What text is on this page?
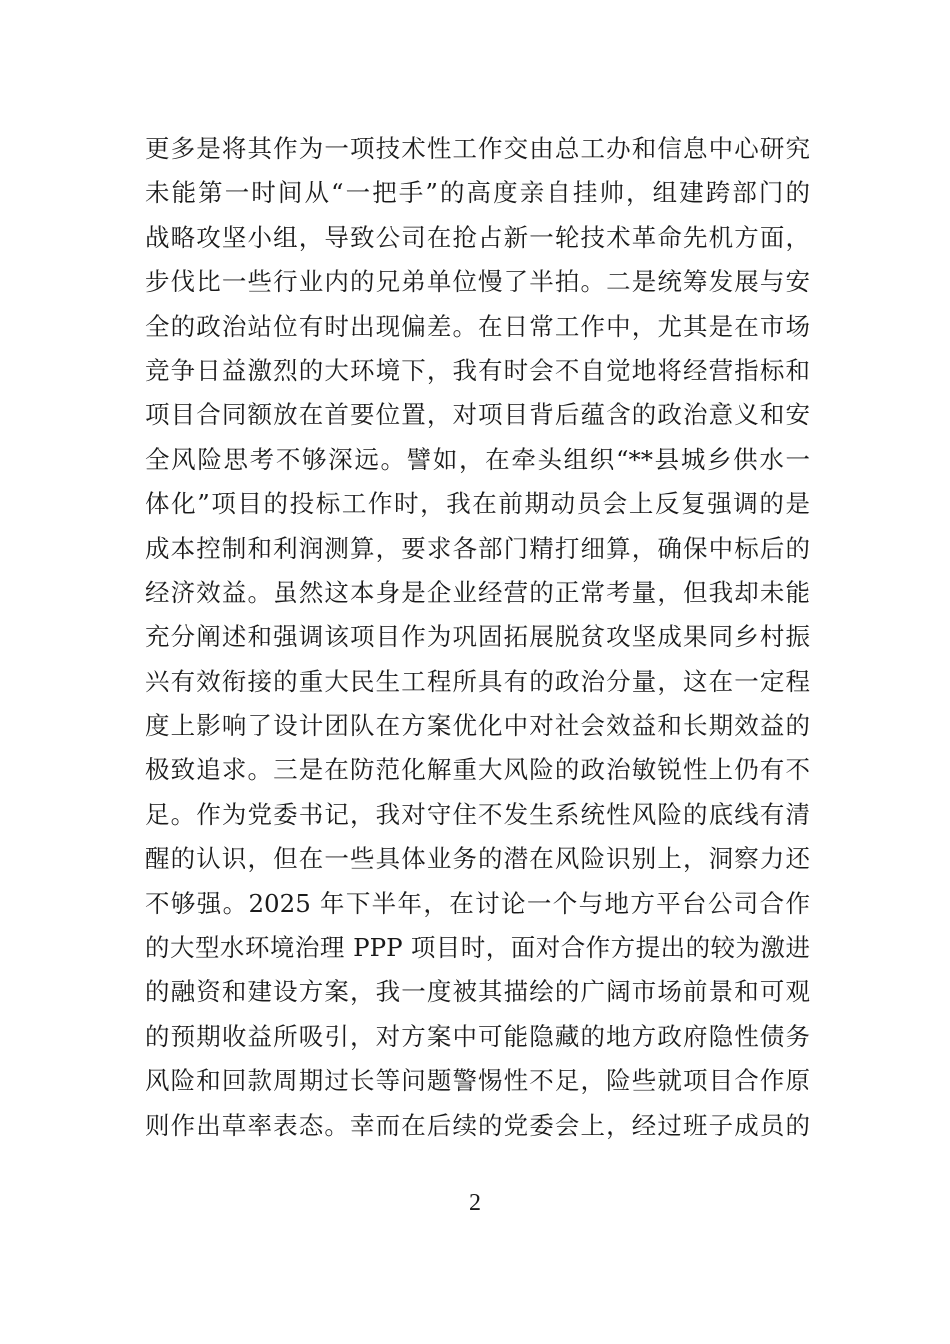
更多是将其作为一项技术性工作交由总工办和信息中心研究
未能第一时间从“一把手”的高度亲自挂帅，组建跨部门的
战略攻坚小组，导致公司在抢占新一轮技术革命先机方面，
步伐比一些行业内的兄弟单位慢了半拍。二是统筹发展与安
全的政治站位有时出现偏差。在日常工作中，尤其是在市场
竞争日益激烈的大环境下，我有时会不自觉地将经营指标和
项目合同额放在首要位置，对项目背后蕴含的政治意义和安
全风险思考不够深远。譬如，在牵头组织“**县城乡供水一
体化”项目的投标工作时，我在前期动员会上反复强调的是
成本控制和利润测算，要求各部门精打细算，确保中标后的
经济效益。虽然这本身是企业经营的正常考量，但我却未能
充分阐述和强调该项目作为巩固拓展脱贫攻坚成果同乡村振
兴有效衔接的重大民生工程所具有的政治分量，这在一定程
度上影响了设计团队在方案优化中对社会效益和长期效益的
极致追求。三是在防范化解重大风险的政治敏锐性上仍有不
足。作为党委书记，我对守住不发生系统性风险的底线有清
醒的认识，但在一些具体业务的潜在风险识别上，洞察力还
不够强。2025 年下半年，在讨论一个与地方平台公司合作
的大型水环境治理 PPP 项目时，面对合作方提出的较为激进
的融资和建设方案，我一度被其描绘的广阔市场前景和可观
的预期收益所吸引，对方案中可能隐藏的地方政府隐性债务
风险和回款周期过长等问题警惕性不足，险些就项目合作原
则作出草率表态。幸而在后续的党委会上，经过班子成员的
2
